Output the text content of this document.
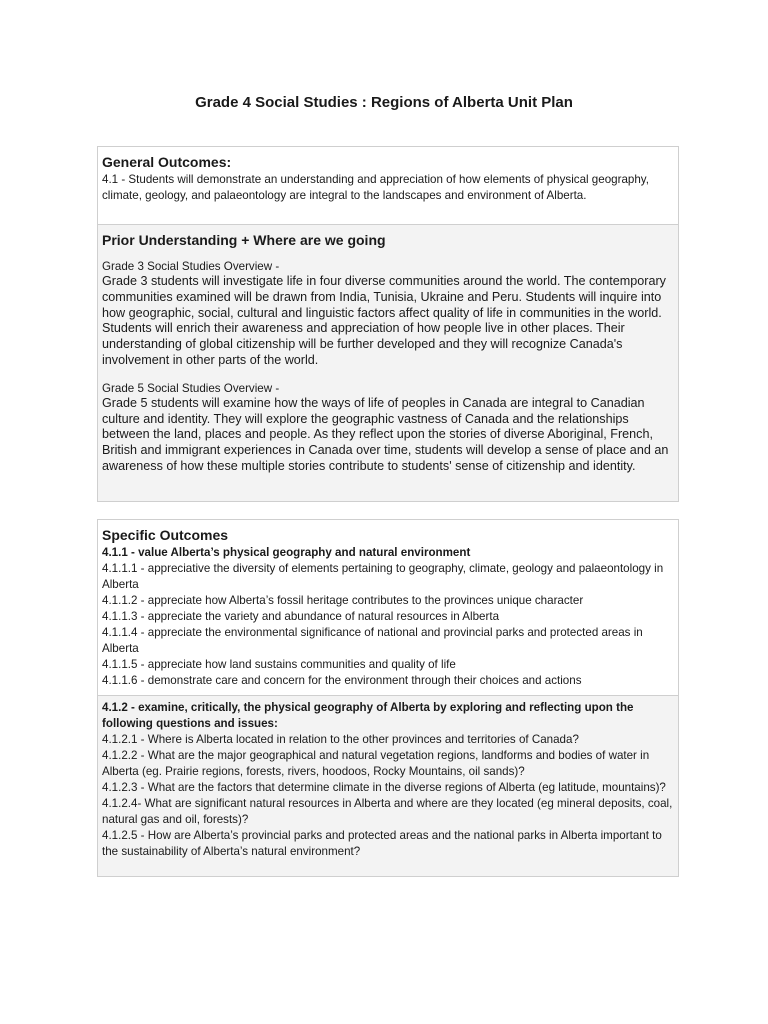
Grade 4 Social Studies : Regions of Alberta Unit Plan
General Outcomes:
4.1 - Students will demonstrate an understanding and appreciation of how elements of physical geography, climate, geology, and palaeontology are integral to the landscapes and environment of Alberta.
Prior Understanding + Where are we going
Grade 3 Social Studies Overview -
Grade 3 students will investigate life in four diverse communities around the world. The contemporary communities examined will be drawn from India, Tunisia, Ukraine and Peru. Students will inquire into how geographic, social, cultural and linguistic factors affect quality of life in communities in the world. Students will enrich their awareness and appreciation of how people live in other places. Their understanding of global citizenship will be further developed and they will recognize Canada's involvement in other parts of the world.
Grade 5 Social Studies Overview -
Grade 5 students will examine how the ways of life of peoples in Canada are integral to Canadian culture and identity. They will explore the geographic vastness of Canada and the relationships between the land, places and people. As they reflect upon the stories of diverse Aboriginal, French, British and immigrant experiences in Canada over time, students will develop a sense of place and an awareness of how these multiple stories contribute to students' sense of citizenship and identity.
Specific Outcomes
4.1.1 - value Alberta’s physical geography and natural environment
4.1.1.1 - appreciative the diversity of elements pertaining to geography, climate, geology and palaeontology in Alberta
4.1.1.2 - appreciate how Alberta’s fossil heritage contributes to the provinces unique character
4.1.1.3 - appreciate the variety and abundance of natural resources in Alberta
4.1.1.4 - appreciate the environmental significance of national and provincial parks and protected areas in Alberta
4.1.1.5 - appreciate how land sustains communities and quality of life
4.1.1.6 - demonstrate care and concern for the environment through their choices and actions
4.1.2 - examine, critically, the physical geography of Alberta by exploring and reflecting upon the following questions and issues:
4.1.2.1 - Where is Alberta located in relation to the other provinces and territories of Canada?
4.1.2.2 - What are the major geographical and natural vegetation regions, landforms and bodies of water in Alberta (eg. Prairie regions, forests, rivers, hoodoos, Rocky Mountains, oil sands)?
4.1.2.3 - What are the factors that determine climate in the diverse regions of Alberta (eg latitude, mountains)?
4.1.2.4- What are significant natural resources in Alberta and where are they located (eg mineral deposits, coal, natural gas and oil, forests)?
4.1.2.5 - How are Alberta’s provincial parks and protected areas and the national parks in Alberta important to the sustainability of Alberta’s natural environment?
